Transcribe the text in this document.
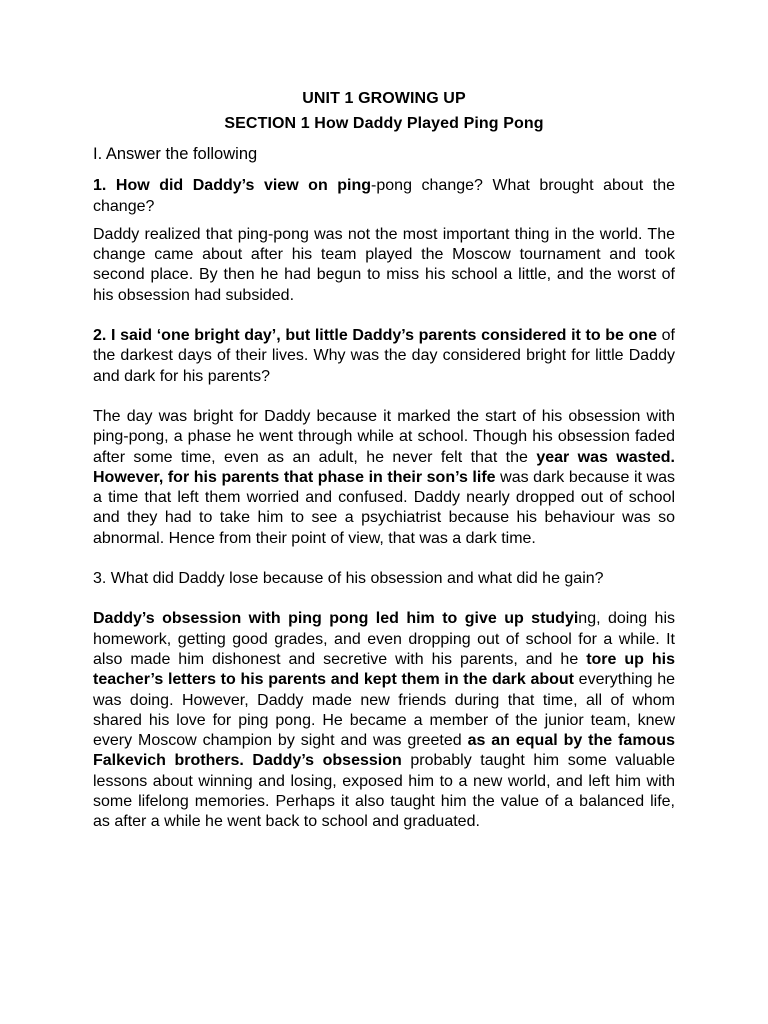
UNIT 1 GROWING UP
SECTION 1 How Daddy Played Ping Pong

I. Answer the following

1. How did Daddy’s view on ping-pong change? What brought about the change?

Daddy realized that ping-pong was not the most important thing in the world. The change came about after his team played the Moscow tournament and took second place. By then he had begun to miss his school a little, and the worst of his obsession had subsided.

2. I said ‘one bright day’, but little Daddy’s parents considered it to be one of the darkest days of their lives. Why was the day considered bright for little Daddy and dark for his parents?

The day was bright for Daddy because it marked the start of his obsession with ping-pong, a phase he went through while at school. Though his obsession faded after some time, even as an adult, he never felt that the year was wasted. However, for his parents that phase in their son’s life was dark because it was a time that left them worried and confused. Daddy nearly dropped out of school and they had to take him to see a psychiatrist because his behaviour was so abnormal. Hence from their point of view, that was a dark time.

3. What did Daddy lose because of his obsession and what did he gain?

Daddy’s obsession with ping pong led him to give up studying, doing his homework, getting good grades, and even dropping out of school for a while. It also made him dishonest and secretive with his parents, and he tore up his teacher’s letters to his parents and kept them in the dark about everything he was doing. However, Daddy made new friends during that time, all of whom shared his love for ping pong. He became a member of the junior team, knew every Moscow champion by sight and was greeted as an equal by the famous Falkevich brothers. Daddy’s obsession probably taught him some valuable lessons about winning and losing, exposed him to a new world, and left him with some lifelong memories. Perhaps it also taught him the value of a balanced life, as after a while he went back to school and graduated.
